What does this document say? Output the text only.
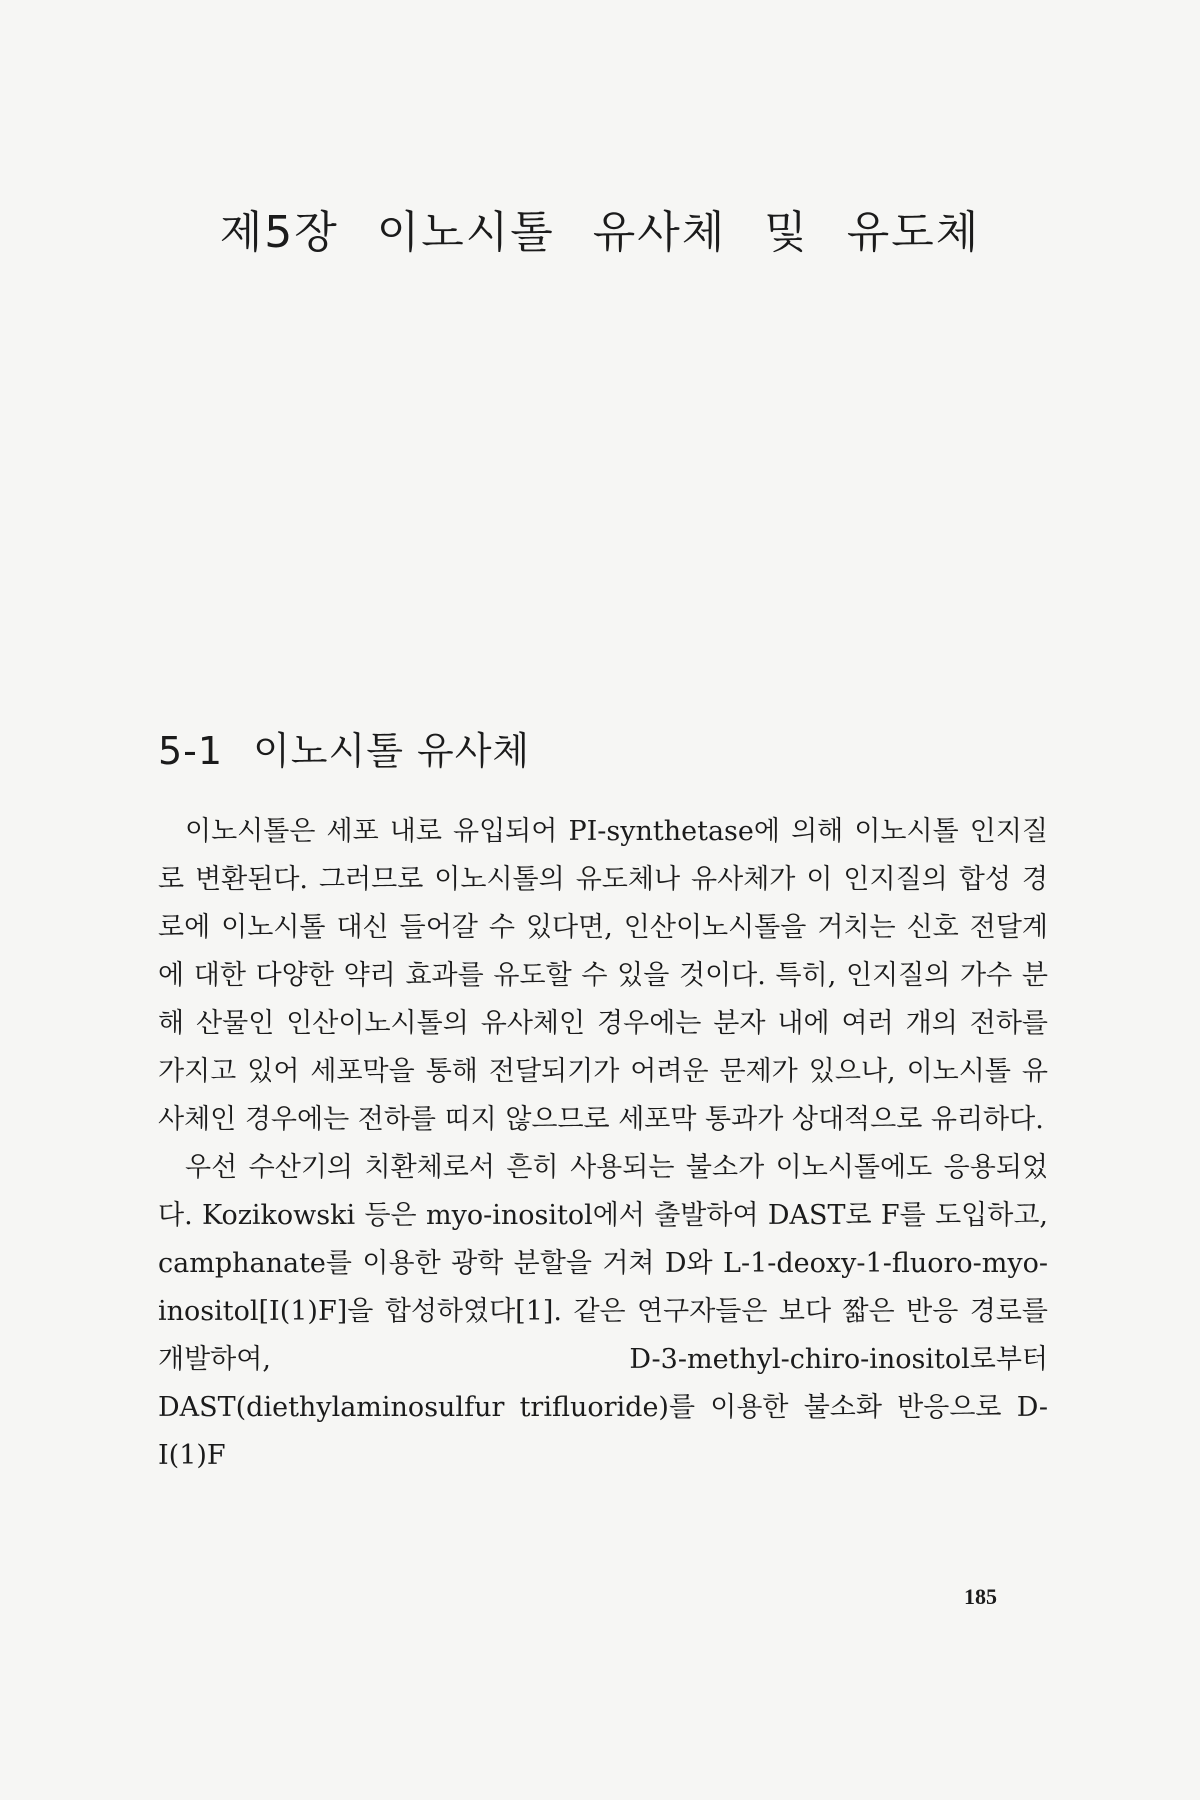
제5장 이노시톨 유사체 및 유도체
5-1 이노시톨 유사체

이노시톨은 세포 내로 유입되어 PI-synthetase에 의해 이노시톨 인지질로 변환된다. 그러므로 이노시톨의 유도체나 유사체가 이 인지질의 합성 경로에 이노시톨 대신 들어갈 수 있다면, 인산이노시톨을 거치는 신호 전달계에 대한 다양한 약리 효과를 유도할 수 있을 것이다. 특히, 인지질의 가수 분해 산물인 인산이노시톨의 유사체인 경우에는 분자 내에 여러 개의 전하를 가지고 있어 세포막을 통해 전달되기가 어려운 문제가 있으나, 이노시톨 유사체인 경우에는 전하를 띠지 않으므로 세포막 통과가 상대적으로 유리하다.

우선 수산기의 치환체로서 흔히 사용되는 불소가 이노시톨에도 응용되었다. Kozikowski 등은 myo-inositol에서 출발하여 DAST로 F를 도입하고, camphanate를 이용한 광학 분할을 거쳐 D와 L-1-deoxy-1-fluoro-myo-inositol[I(1)F]을 합성하였다[1]. 같은 연구자들은 보다 짧은 반응 경로를 개발하여, D-3-methyl-chiro-inositol로부터 DAST(diethylaminosulfur trifluoride)를 이용한 불소화 반응으로 D-I(1)F

185
